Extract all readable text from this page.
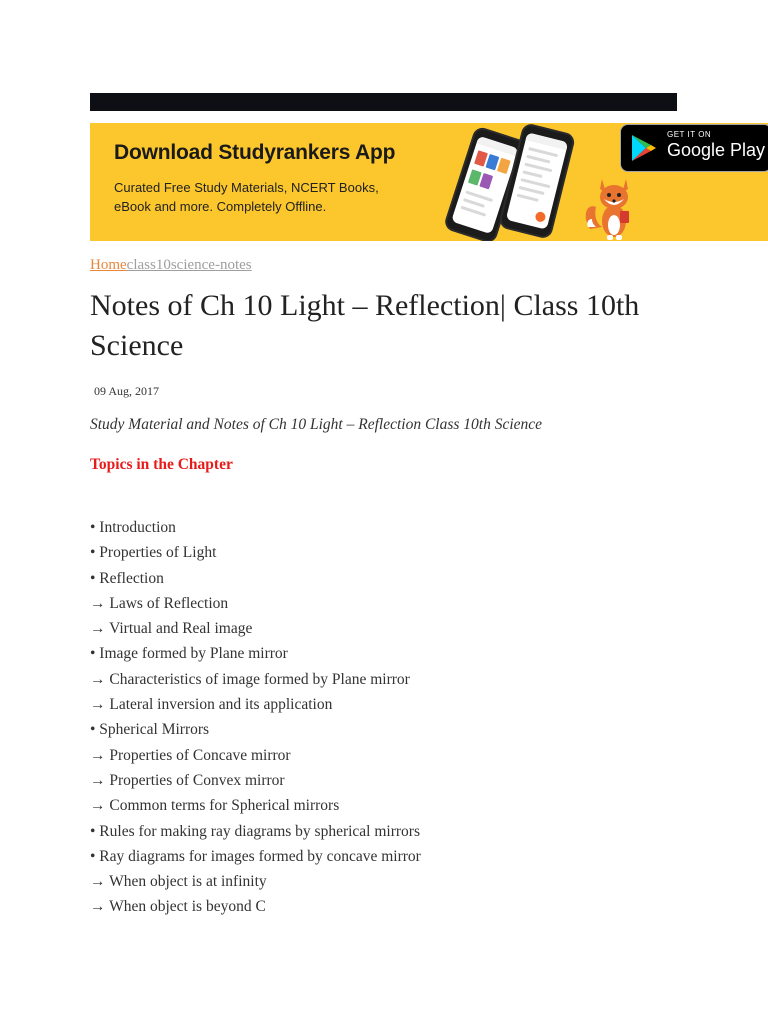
Download Studyrankers App
Curated Free Study Materials, NCERT Books,
eBook and more. Completely Offline.
GET IT ON
Google Play
Homeclass10science-notes
Notes of Ch 10 Light – Reflection| Class 10th Science
09 Aug, 2017
Study Material and Notes of Ch 10 Light – Reflection Class 10th Science
Topics in the Chapter
• Introduction
• Properties of Light
• Reflection
→ Laws of Reflection
→ Virtual and Real image
• Image formed by Plane mirror
→ Characteristics of image formed by Plane mirror
→ Lateral inversion and its application
• Spherical Mirrors
→ Properties of Concave mirror
→ Properties of Convex mirror
→ Common terms for Spherical mirrors
• Rules for making ray diagrams by spherical mirrors
• Ray diagrams for images formed by concave mirror
→ When object is at infinity
→ When object is beyond C
